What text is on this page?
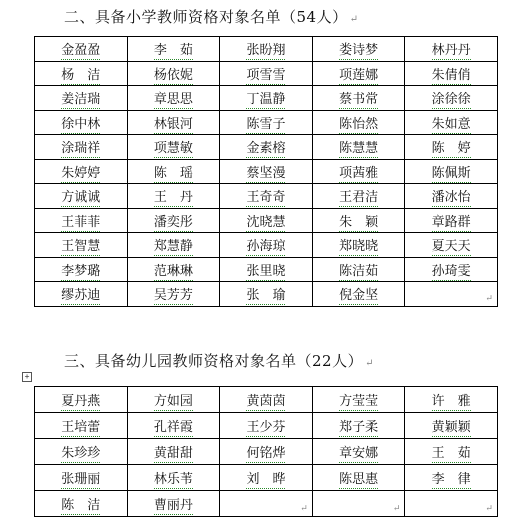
二、具备小学教师资格对象名单（54人） ↵
金盈盈	李　茹	张盼翔	娄诗梦	林丹丹
杨　洁	杨依妮	项雪雪	项莲娜	朱倩俏
姜洁瑞	章思思	丁温静	蔡书常	涂徐徐
徐中林	林银河	陈雪子	陈怡然	朱如意
涂瑞祥	项慧敏	金素榕	陈慧慧	陈　婷
朱婷婷	陈　瑶	蔡坚漫	项茜雅	陈佩斯
方诚诚	王　丹	王奇奇	王君洁	潘冰怡
王菲菲	潘奕彤	沈晓慧	朱　颖	章路群
王智慧	郑慧静	孙海琼	郑晓晓	夏天天
李梦璐	范琳琳	张里晓	陈洁茹	孙琦雯
缪苏迪	吴芳芳	张　瑜	倪金坚	↵
三、具备幼儿园教师资格对象名单（22人） ↵
+
夏丹燕	方如园	黄茵茵	方莹莹	许　雅
王培蕾	孔祥霞	王少芬	郑子柔	黄颖颖
朱珍珍	黄甜甜	何铭烨	章安娜	王　茹
张珊丽	林乐苇	刘　晔	陈思惠	李　律
陈　洁	曹丽丹	↵	↵	↵
